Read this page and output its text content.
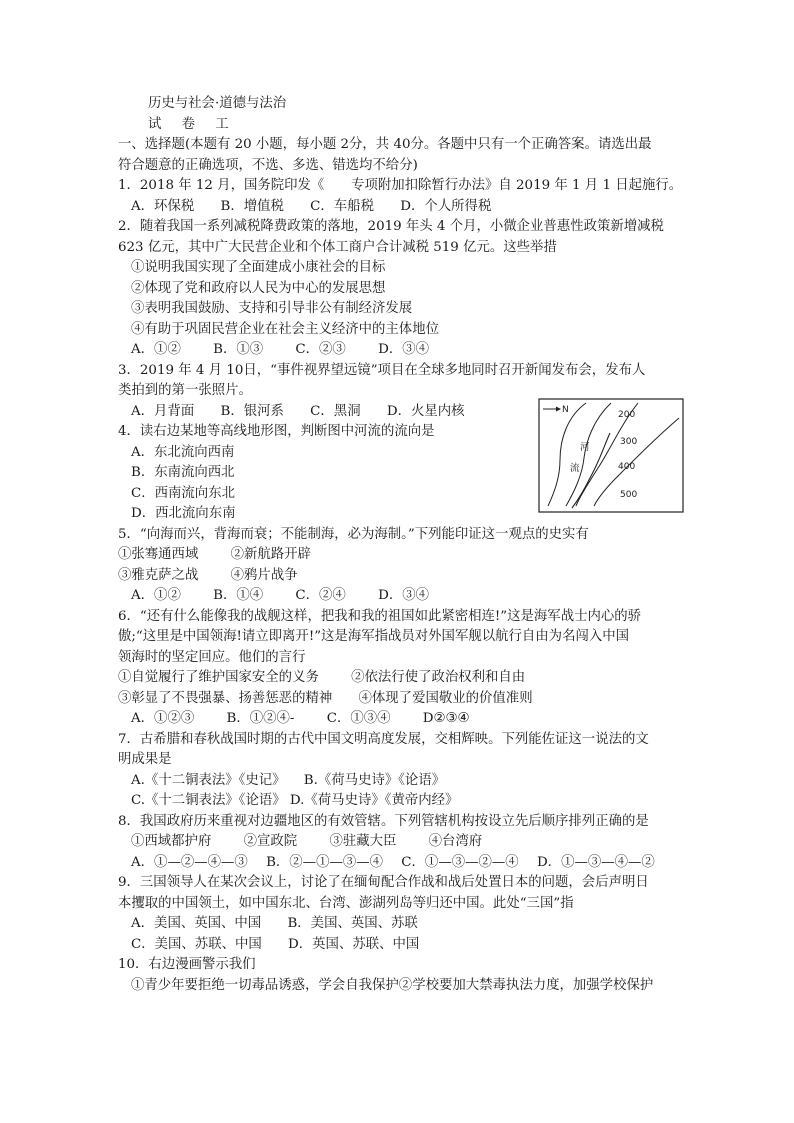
历史与社会·道德与法治
试 卷 工
一、选择题(本题有 20 小题，每小题 2分，共 40分。各题中只有一个正确答案。请选出最
符合题意的正确选项，不选、多选、错选均不给分)
1．2018 年 12 月，国务院印发《　　专项附加扣除暂行办法》自 2019 年 1 月 1 日起施行。
A．环保税 B．增值税 C．车船税 D．个人所得税
2．随着我国一系列减税降费政策的落地，2019 年头 4 个月，小微企业普惠性政策新增减税
623 亿元，其中广大民营企业和个体工商户合计减税 519 亿元。这些举措
①说明我国实现了全面建成小康社会的目标
②体现了党和政府以人民为中心的发展思想
③表明我国鼓励、支持和引导非公有制经济发展
④有助于巩固民营企业在社会主义经济中的主体地位
A．①② B．①③ C．②③ D．③④
3．2019 年 4 月 10日，“事件视界望远镜”项目在全球多地同时召开新闻发布会，发布人
类拍到的第一张照片。
A．月背面 B．银河系 C．黑洞 D．火星内核
4．读右边某地等高线地形图，判断图中河流的流向是
A．东北流向西南
B．东南流向西北
C．西南流向东北
D．西北流向东南
5．“向海而兴，背海而衰；不能制海，必为海制。”下列能印证这一观点的史实有
①张骞通西域 ②新航路开辟
③雅克萨之战 ④鸦片战争
A．①② B．①④ C．②④ D．③④
6．“还有什么能像我的战舰这样，把我和我的祖国如此紧密相连!”这是海军战士内心的骄
傲;“这里是中国领海!请立即离开!”这是海军指战员对外国军舰以航行自由为名闯入中国
领海时的坚定回应。他们的言行
①自觉履行了维护国家安全的义务 ②依法行使了政治权利和自由
③彰显了不畏强暴、扬善惩恶的精神 ④体现了爱国敬业的价值准则
A．①②③ B．①②④- C．①③④ D②③④
7．古希腊和春秋战国时期的古代中国文明高度发展，交相辉映。下列能佐证这一说法的文
明成果是
A.《十二铜表法》《史记》 B.《荷马史诗》《论语》
C.《十二铜表法》《论语》 D.《荷马史诗》《黄帝内经》
8．我国政府历来重视对边疆地区的有效管辖。下列管辖机构按设立先后顺序排列正确的是
①西域都护府 ②宣政院 ③驻藏大臣 ④台湾府
A．①—②—④—③ B．②—①—③—④ C．①—③—②—④ D．①—③—④—②
9．三国领导人在某次会议上，讨论了在缅甸配合作战和战后处置日本的问题，会后声明日
本攫取的中国领土，如中国东北、台湾、澎湖列岛等归还中国。此处“三国”指
A．美国、英国、中国 B．美国、英国、苏联
C．美国、苏联、中国 D．英国、苏联、中国
10．右边漫画警示我们
①青少年要拒绝一切毒品诱惑，学会自我保护②学校要加大禁毒执法力度，加强学校保护
N
河
流
200
300
400
500
